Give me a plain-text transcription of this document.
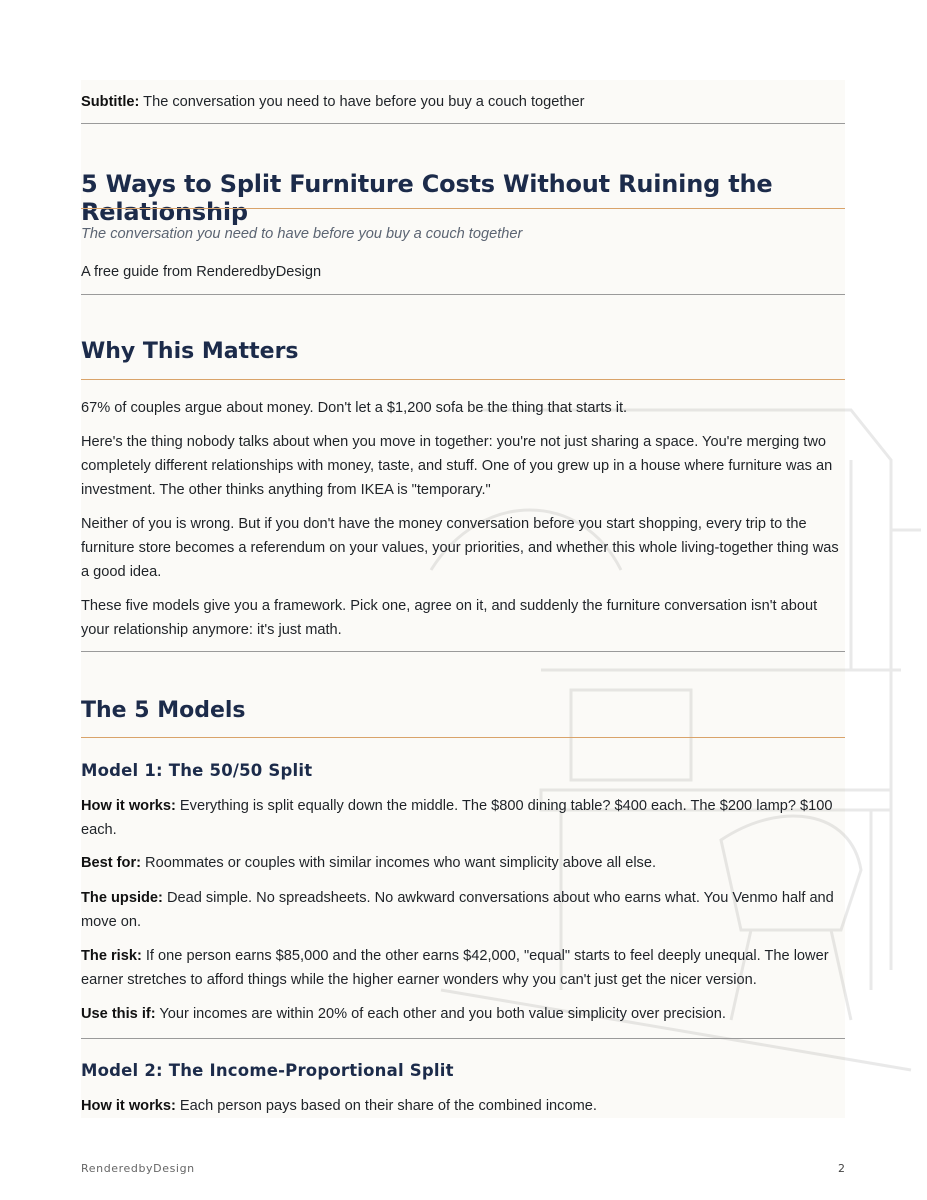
Subtitle: The conversation you need to have before you buy a couch together
5 Ways to Split Furniture Costs Without Ruining the Relationship
The conversation you need to have before you buy a couch together
A free guide from RenderedbyDesign
Why This Matters
67% of couples argue about money. Don't let a $1,200 sofa be the thing that starts it.
Here's the thing nobody talks about when you move in together: you're not just sharing a space. You're merging two completely different relationships with money, taste, and stuff. One of you grew up in a house where furniture was an investment. The other thinks anything from IKEA is "temporary."
Neither of you is wrong. But if you don't have the money conversation before you start shopping, every trip to the furniture store becomes a referendum on your values, your priorities, and whether this whole living-together thing was a good idea.
These five models give you a framework. Pick one, agree on it, and suddenly the furniture conversation isn't about your relationship anymore: it's just math.
The 5 Models
Model 1: The 50/50 Split
How it works: Everything is split equally down the middle. The $800 dining table? $400 each. The $200 lamp? $100 each.
Best for: Roommates or couples with similar incomes who want simplicity above all else.
The upside: Dead simple. No spreadsheets. No awkward conversations about who earns what. You Venmo half and move on.
The risk: If one person earns $85,000 and the other earns $42,000, "equal" starts to feel deeply unequal. The lower earner stretches to afford things while the higher earner wonders why you can't just get the nicer version.
Use this if: Your incomes are within 20% of each other and you both value simplicity over precision.
Model 2: The Income-Proportional Split
How it works: Each person pays based on their share of the combined income.
RenderedbyDesign	2
